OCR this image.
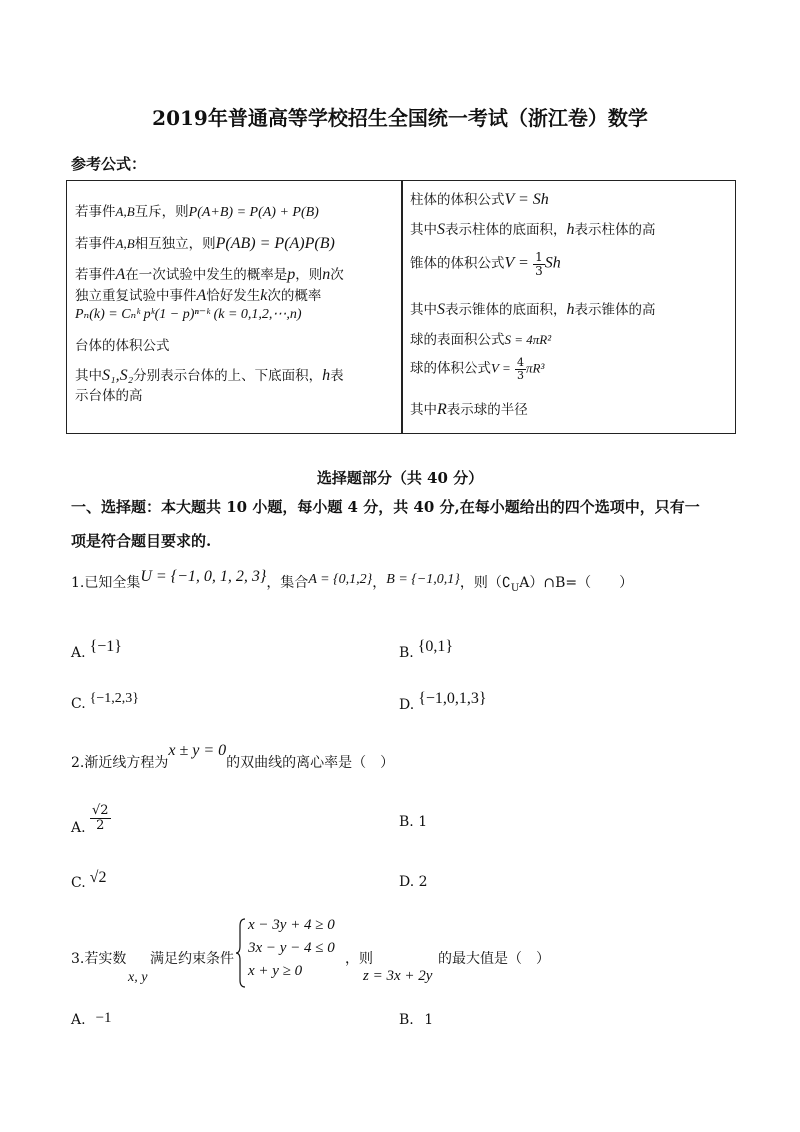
2019年普通高等学校招生全国统一考试（浙江卷）数学
参考公式：
若事件A,B互斥，则P(A+B) = P(A) + P(B)
若事件A,B相互独立，则P(AB) = P(A)P(B)
若事件A在一次试验中发生的概率是p，则n次
独立重复试验中事件A恰好发生k次的概率
Pₙ(k) = Cₙᵏ pᵏ(1 − p)ⁿ⁻ᵏ (k = 0,1,2,⋯,n)
台体的体积公式
其中S₁,S₂分别表示台体的上、下底面积，h表
示台体的高
柱体的体积公式V = Sh
其中S表示柱体的底面积，h表示柱体的高
锥体的体积公式$V = \frac{1}{3}$ Sh
其中S表示锥体的底面积，h表示锥体的高
球的表面积公式S = 4πR²
球的体积公式$V = \frac{4}{3} \pi R^3$
其中R表示球的半径
选择题部分（共 40 分）
一、选择题：本大题共 10 小题，每小题 4 分，共 40 分,在每小题给出的四个选项中，只有一
项是符合题目要求的.
1.已知全集U = {−1, 0, 1, 2, 3}，集合A = {0,1,2}，B = {−1,0,1}，则$(∁_UA)\cap B=$（　　）
A. {−1}	B. {0,1}
C. {−1,2,3}	D. {−1,0,1,3}
2.渐近线方程为x ± y = 0的双曲线的离心率是（　）
A. $\frac{√2}{2}$	B. 1
C. √2	D. 2
3.若实数
x, y
满足约束条件
x − 3y + 4 ≥ 0
3x − y − 4 ≤ 0
x + y ≥ 0
，则
z = 3x + 2y
的最大值是（　）
A. −1	B. 1
